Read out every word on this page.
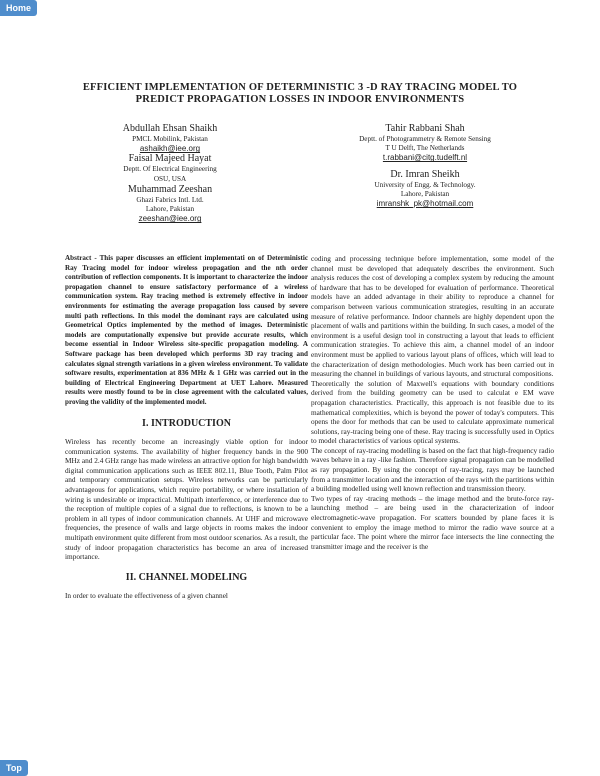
Home
EFFICIENT IMPLEMENTATION OF DETERMINISTIC 3 -D RAY TRACING MODEL TO
PREDICT PROPAGATION LOSSES IN INDOOR ENVIRONMENTS
Abdullah Ehsan Shaikh
PMCL Mobilink, Pakistan
ashaikh@iee.org
Faisal Majeed Hayat
Deptt. Of Electrical Engineering
OSU, USA
Muhammad Zeeshan
Ghazi Fabrics Intl. Ltd.
Lahore, Pakistan
zeeshan@iee.org
Tahir Rabbani Shah
Deptt. of Photogrammetry & Remote Sensing
T U Delft, The Netherlands
t.rabbani@citg.tudelft.nl
Dr. Imran Sheikh
University of Engg. & Technology.
Lahore, Pakistan
imranshk_pk@hotmail.com

Abstract - This paper discusses an efficient implementati on of Deterministic Ray Tracing model for indoor wireless propagation and the nth order contribution of reflection components. It is important to characterize the indoor propagation channel to ensure satisfactory performance of a wireless communication system. Ray tracing method is extremely effective in indoor environments for estimating the average propagation loss caused by severe multi path reflections. In this model the dominant rays are calculated using Geometrical Optics implemented by the method of images. Deterministic models are computationally expensive but provide accurate results, which become essential in Indoor Wireless site-specific propagation modeling. A Software package has been developed which performs 3D ray tracing and calculates signal strength variations in a given wireless environment. To validate software results, experimentation at 836 MHz & 1 GHz was carried out in the building of Electrical Engineering Department at UET Lahore. Measured results were mostly found to be in close agreement with the calculated values, proving the validity of the implemented model.

I. INTRODUCTION

Wireless has recently become an increasingly viable option for indoor communication systems. The availability of higher frequency bands in the 900 MHz and 2.4 GHz range has made wireless an attractive option for high bandwidth digital communication applications such as IEEE 802.11, Blue Tooth, Palm Pilot and temporary communication setups. Wireless networks can be particularly advantageous for applications, which require portability, or where installation of wiring is undesirable or impractical. Multipath interference, or interference due to the reception of multiple copies of a signal due to reflections, is known to be a problem in all types of indoor communication channels. At UHF and microwave frequencies, the presence of walls and large objects in rooms makes the indoor multipath environment quite different from most outdoor scenarios. As a result, the study of indoor propagation characteristics has become an area of increased importance.

II. CHANNEL MODELING

In order to evaluate the effectiveness of a given channel

coding and processing technique before implementation, some model of the channel must be developed that adequately describes the environment. Such analysis reduces the cost of developing a complex system by reducing the amount of hardware that has to be developed for evaluation of performance. Theoretical models have an added advantage in their ability to reproduce a channel for comparison between various communication strategies, resulting in an accurate measure of relative performance. Indoor channels are highly dependent upon the placement of walls and partitions within the building. In such cases, a model of the environment is a useful design tool in constructing a layout that leads to efficient communication strategies. To achieve this aim, a channel model of an indoor environment must be applied to various layout plans of offices, which will lead to the characterization of design methodologies. Much work has been carried out in measuring the channel in buildings of various layouts, and structural compositions.

Theoretically the solution of Maxwell's equations with boundary conditions derived from the building geometry can be used to calculat e EM wave propagation characteristics. Practically, this approach is not feasible due to its mathematical complexities, which is beyond the power of today's computers. This opens the door for methods that can be used to calculate approximate numerical solutions, ray-tracing being one of these. Ray tracing is successfully used in Optics to model characteristics of various optical systems.

The concept of ray-tracing modelling is based on the fact that high-frequency radio waves behave in a ray -like fashion. Therefore signal propagation can be modelled as ray propagation. By using the concept of ray-tracing, rays may be launched from a transmitter location and the interaction of the rays with the partitions within a building modelled using well known reflection and transmission theory.

Two types of ray -tracing methods – the image method and the brute-force ray-launching method – are being used in the characterization of indoor electromagnetic-wave propagation. For scatters bounded by plane faces it is convenient to employ the image method to mirror the radio wave source at a particular face. The point where the mirror face intersects the line connecting the transmitter image and the receiver is the

Top
